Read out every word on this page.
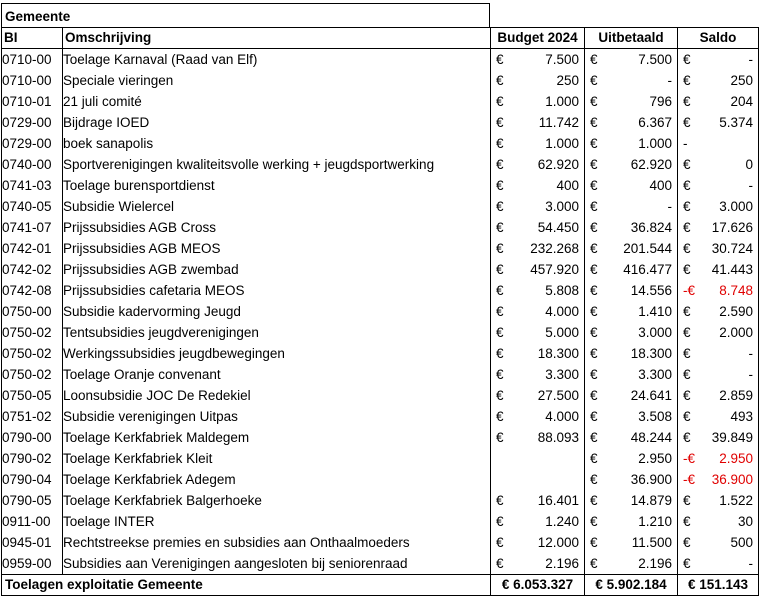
Gemeente
BI	Omschrijving	Budget 2024	Uitbetaald	Saldo
0710-00	Toelage Karnaval (Raad van Elf)	€ 7.500	€ 7.500	€ -

0710-00	Speciale vieringen	€ 250	€ -	€ 250

0710-01	21 juli comité	€ 1.000	€ 796	€ 204

0729-00	Bijdrage IOED	€ 11.742	€ 6.367	€ 5.374

0729-00	boek sanapolis	€ 1.000	€ 1.000	-

0740-00	Sportverenigingen kwaliteitsvolle werking + jeugdsportwerking	€ 62.920	€ 62.920	€ 0

0741-03	Toelage burensportdienst	€ 400	€ 400	€ -

0740-05	Subsidie Wielercel	€ 3.000	€ -	€ 3.000

0741-07	Prijssubsidies AGB Cross	€ 54.450	€ 36.824	€ 17.626

0742-01	Prijssubsidies AGB MEOS	€ 232.268	€ 201.544	€ 30.724

0742-02	Prijssubsidies AGB zwembad	€ 457.920	€ 416.477	€ 41.443

0742-08	Prijssubsidies cafetaria MEOS	€ 5.808	€ 14.556	-€ 8.748

0750-00	Subsidie kadervorming Jeugd	€ 4.000	€ 1.410	€ 2.590

0750-02	Tentsubsidies jeugdverenigingen	€ 5.000	€ 3.000	€ 2.000

0750-02	Werkingssubsidies jeugdbewegingen	€ 18.300	€ 18.300	€ -

0750-02	Toelage Oranje convenant	€ 3.300	€ 3.300	€ -

0750-05	Loonsubsidie JOC De Redekiel	€ 27.500	€ 24.641	€ 2.859

0751-02	Subsidie verenigingen Uitpas	€ 4.000	€ 3.508	€ 493

0790-00	Toelage Kerkfabriek Maldegem	€ 88.093	€ 48.244	€ 39.849

0790-02	Toelage Kerkfabriek Kleit		€ 2.950	-€ 2.950

0790-04	Toelage Kerkfabriek Adegem		€ 36.900	-€ 36.900

0790-05	Toelage Kerkfabriek Balgerhoeke	€ 16.401	€ 14.879	€ 1.522

0911-00	Toelage INTER	€ 1.240	€ 1.210	€ 30

0945-01	Rechtstreekse premies en subsidies aan Onthaalmoeders	€ 12.000	€ 11.500	€ 500

0959-00	Subsidies aan Verenigingen aangesloten bij seniorenraad	€ 2.196	€ 2.196	€ -

Toelagen exploitatie Gemeente		€ 6.053.327	€ 5.902.184	€ 151.143
